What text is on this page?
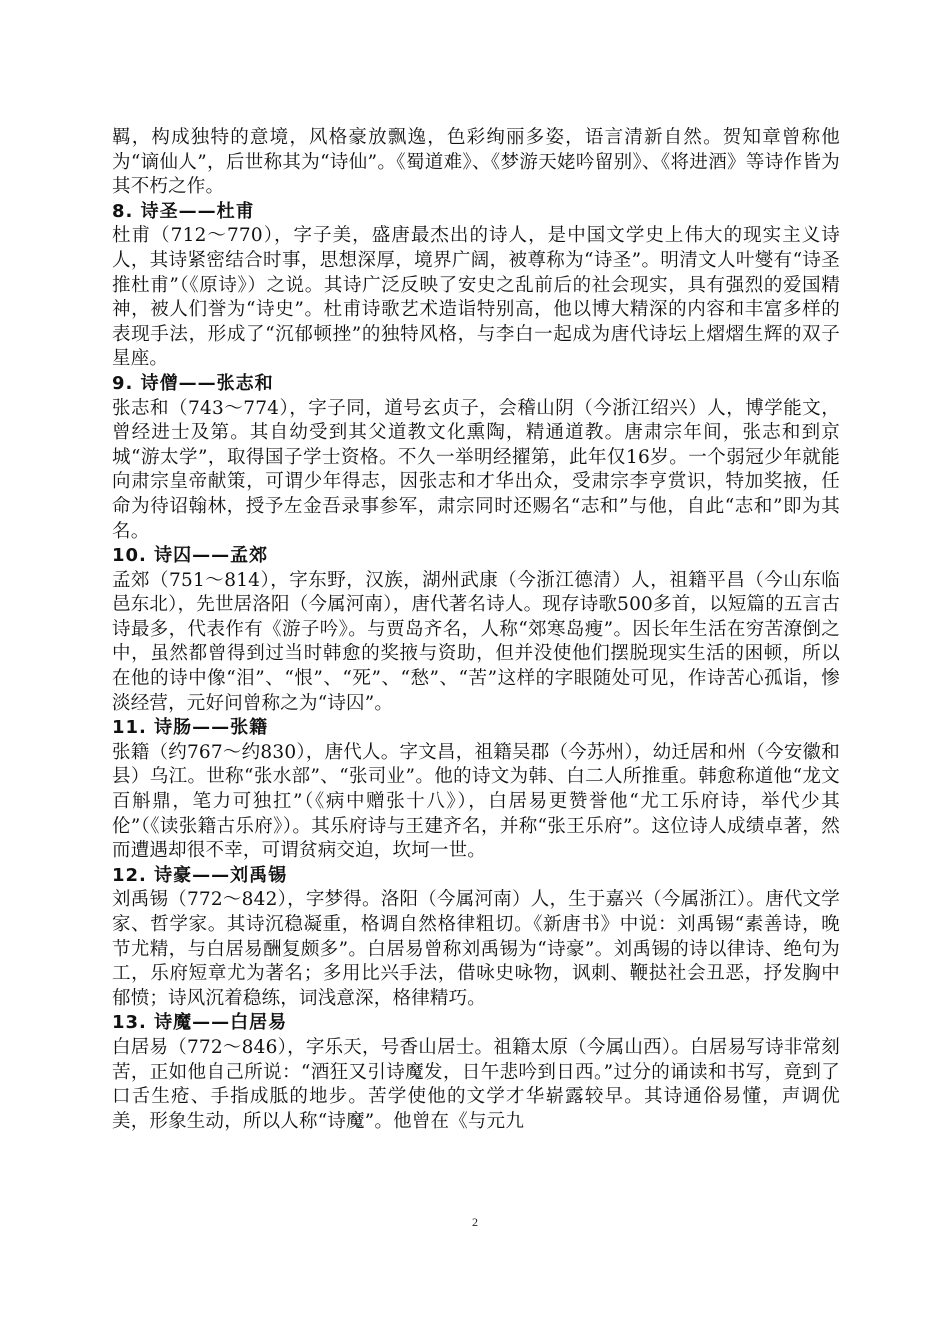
羁，构成独特的意境，风格豪放飘逸，色彩绚丽多姿，语言清新自然。贺知章曾称他为“谪仙人”，后世称其为“诗仙”。《蜀道难》、《梦游天姥吟留别》、《将进酒》等诗作皆为其不朽之作。

8. 诗圣——杜甫

杜甫（712～770），字子美，盛唐最杰出的诗人，是中国文学史上伟大的现实主义诗人，其诗紧密结合时事，思想深厚，境界广阔，被尊称为“诗圣”。明清文人叶燮有“诗圣推杜甫”（《原诗》）之说。其诗广泛反映了安史之乱前后的社会现实，具有强烈的爱国精神，被人们誉为“诗史”。杜甫诗歌艺术造诣特别高，他以博大精深的内容和丰富多样的表现手法，形成了“沉郁顿挫”的独特风格，与李白一起成为唐代诗坛上熠熠生辉的双子星座。

9. 诗僧——张志和

张志和（743～774），字子同，道号玄贞子，会稽山阴（今浙江绍兴）人，博学能文，曾经进士及第。其自幼受到其父道教文化熏陶，精通道教。唐肃宗年间，张志和到京城“游太学”，取得国子学士资格。不久一举明经擢第，此年仅16岁。一个弱冠少年就能向肃宗皇帝献策，可谓少年得志，因张志和才华出众，受肃宗李亨赏识，特加奖掖，任命为待诏翰林，授予左金吾录事参军，肃宗同时还赐名“志和”与他，自此“志和”即为其名。

10. 诗囚——孟郊

孟郊（751～814），字东野，汉族，湖州武康（今浙江德清）人，祖籍平昌（今山东临邑东北），先世居洛阳（今属河南），唐代著名诗人。现存诗歌500多首，以短篇的五言古诗最多，代表作有《游子吟》。与贾岛齐名，人称“郊寒岛瘦”。因长年生活在穷苦潦倒之中，虽然都曾得到过当时韩愈的奖掖与资助，但并没使他们摆脱现实生活的困顿，所以在他的诗中像“泪”、“恨”、“死”、“愁”、“苦”这样的字眼随处可见，作诗苦心孤诣，惨淡经营，元好问曾称之为“诗囚”。

11. 诗肠——张籍

张籍（约767～约830），唐代人。字文昌，祖籍吴郡（今苏州），幼迁居和州（今安徽和县）乌江。世称“张水部”、“张司业”。他的诗文为韩、白二人所推重。韩愈称道他“龙文百斛鼎，笔力可独扛”（《病中赠张十八》），白居易更赞誉他“尤工乐府诗，举代少其伦”（《读张籍古乐府》）。其乐府诗与王建齐名，并称“张王乐府”。这位诗人成绩卓著，然而遭遇却很不幸，可谓贫病交迫，坎坷一世。

12. 诗豪——刘禹锡

刘禹锡（772～842），字梦得。洛阳（今属河南）人，生于嘉兴（今属浙江）。唐代文学家、哲学家。其诗沉稳凝重，格调自然格律粗切。《新唐书》中说：刘禹锡“素善诗，晚节尤精，与白居易酬复颇多”。白居易曾称刘禹锡为“诗豪”。刘禹锡的诗以律诗、绝句为工，乐府短章尤为著名；多用比兴手法，借咏史咏物，讽刺、鞭挞社会丑恶，抒发胸中郁愤；诗风沉着稳练，词浅意深，格律精巧。

13. 诗魔——白居易

白居易（772～846），字乐天，号香山居士。祖籍太原（今属山西）。白居易写诗非常刻苦，正如他自己所说：“酒狂又引诗魔发，日午悲吟到日西。”过分的诵读和书写，竟到了口舌生疮、手指成胝的地步。苦学使他的文学才华崭露较早。其诗通俗易懂，声调优美，形象生动，所以人称“诗魔”。他曾在《与元九

2
